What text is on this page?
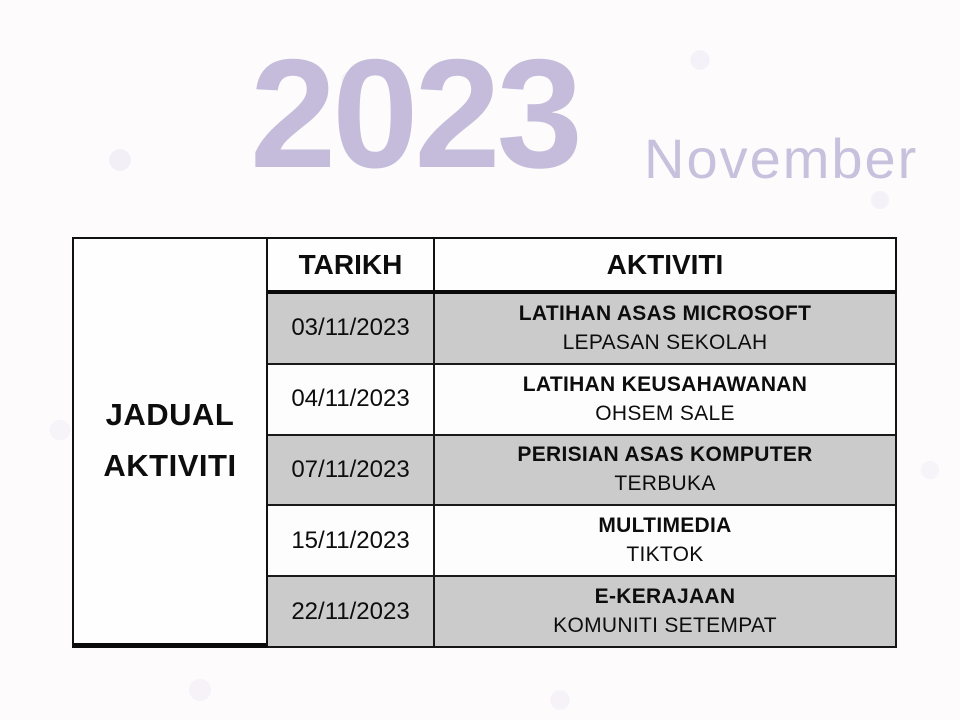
2023 November
JADUAL
AKTIVITI
TARIKH	AKTIVITI
03/11/2023
LATIHAN ASAS MICROSOFT
LEPASAN SEKOLAH
04/11/2023
LATIHAN KEUSAHAWANAN
OHSEM SALE
07/11/2023
PERISIAN ASAS KOMPUTER
TERBUKA
15/11/2023
MULTIMEDIA
TIKTOK
22/11/2023
E-KERAJAAN
KOMUNITI SETEMPAT
